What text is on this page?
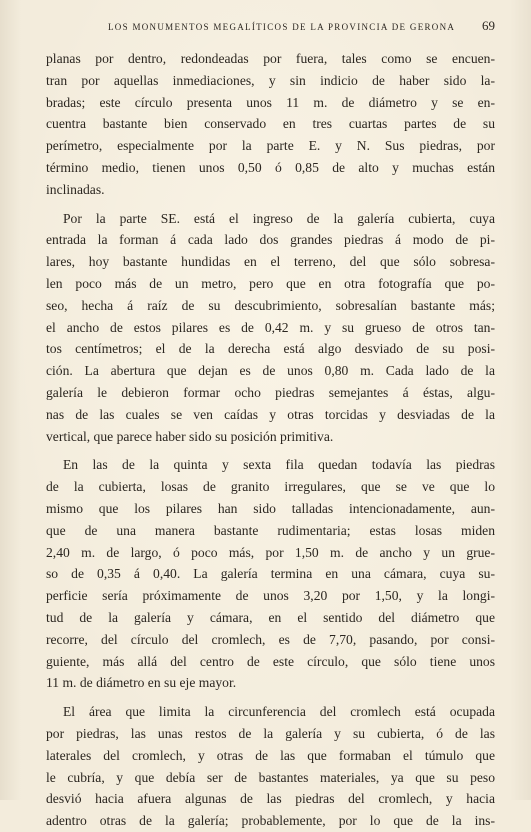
LOS MONUMENTOS MEGALÍTICOS DE LA PROVINCIA DE GERONA 69
planas por dentro, redondeadas por fuera, tales como se encuen-
tran por aquellas inmediaciones, y sin indicio de haber sido la-
bradas; este círculo presenta unos 11 m. de diámetro y se en-
cuentra bastante bien conservado en tres cuartas partes de su
perímetro, especialmente por la parte E. y N. Sus piedras, por
término medio, tienen unos 0,50 ó 0,85 de alto y muchas están
inclinadas.
Por la parte SE. está el ingreso de la galería cubierta, cuya
entrada la forman á cada lado dos grandes piedras á modo de pi-
lares, hoy bastante hundidas en el terreno, del que sólo sobresa-
len poco más de un metro, pero que en otra fotografía que po-
seo, hecha á raíz de su descubrimiento, sobresalían bastante más;
el ancho de estos pilares es de 0,42 m. y su grueso de otros tan-
tos centímetros; el de la derecha está algo desviado de su posi-
ción. La abertura que dejan es de unos 0,80 m. Cada lado de la
galería le debieron formar ocho piedras semejantes á éstas, algu-
nas de las cuales se ven caídas y otras torcidas y desviadas de la
vertical, que parece haber sido su posición primitiva.
En las de la quinta y sexta fila quedan todavía las piedras
de la cubierta, losas de granito irregulares, que se ve que lo
mismo que los pilares han sido talladas intencionadamente, aun-
que de una manera bastante rudimentaria; estas losas miden
2,40 m. de largo, ó poco más, por 1,50 m. de ancho y un grue-
so de 0,35 á 0,40. La galería termina en una cámara, cuya su-
perficie sería próximamente de unos 3,20 por 1,50, y la longi-
tud de la galería y cámara, en el sentido del diámetro que
recorre, del círculo del cromlech, es de 7,70, pasando, por consi-
guiente, más allá del centro de este círculo, que sólo tiene unos
11 m. de diámetro en su eje mayor.
El área que limita la circunferencia del cromlech está ocupada
por piedras, las unas restos de la galería y su cubierta, ó de las
laterales del cromlech, y otras de las que formaban el túmulo que
le cubría, y que debía ser de bastantes materiales, ya que su peso
desvió hacia afuera algunas de las piedras del cromlech, y hacia
adentro otras de la galería; probablemente, por lo que de la ins-
